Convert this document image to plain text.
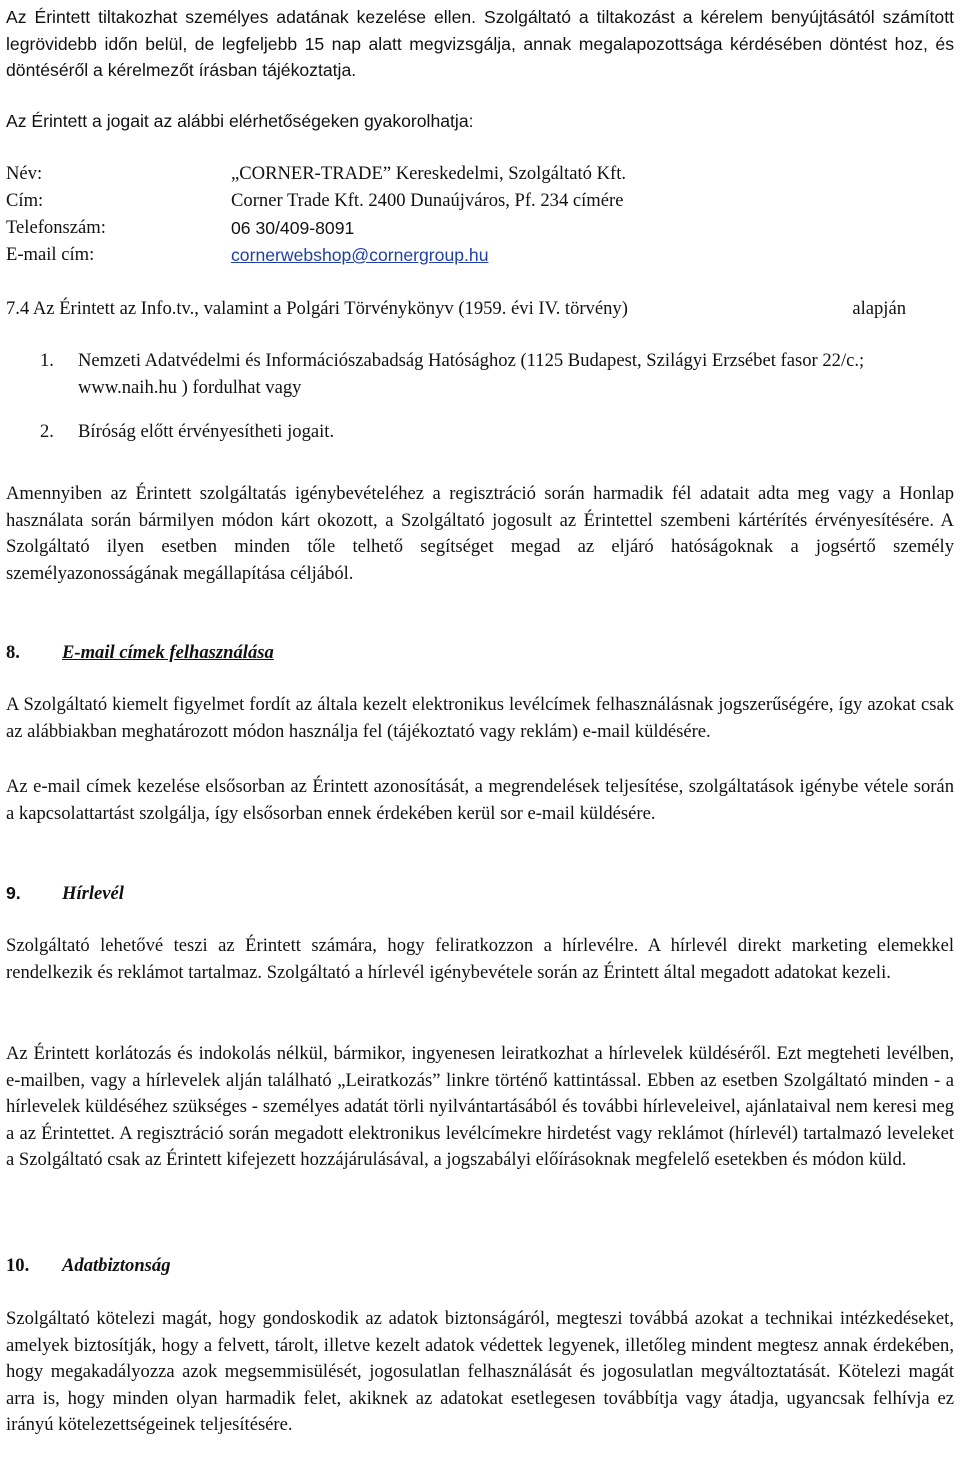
Az Érintett tiltakozhat személyes adatának kezelése ellen. Szolgáltató a tiltakozást a kérelem benyújtásától számított legrövidebb időn belül, de legfeljebb 15 nap alatt megvizsgálja, annak megalapozottsága kérdésében döntést hoz, és döntéséről a kérelmezőt írásban tájékoztatja.

Az Érintett a jogait az alábbi elérhetőségeken gyakorolhatja:

Név:	„CORNER-TRADE” Kereskedelmi, Szolgáltató Kft.
Cím:	Corner Trade Kft. 2400 Dunaújváros, Pf. 234 címére
Telefonszám:	06 30/409-8091
E-mail cím:	cornerwebshop@cornergroup.hu
7.4 Az Érintett az Info.tv., valamint a Polgári Törvénykönyv (1959. évi IV. törvény)	alapján
1. Nemzeti Adatvédelmi és Információszabadság Hatósághoz (1125 Budapest, Szilágyi Erzsébet fasor 22/c.; www.naih.hu ) fordulhat vagy
2. Bíróság előtt érvényesítheti jogait.

Amennyiben az Érintett szolgáltatás igénybevételéhez a regisztráció során harmadik fél adatait adta meg vagy a Honlap használata során bármilyen módon kárt okozott, a Szolgáltató jogosult az Érintettel szembeni kártérítés érvényesítésére. A Szolgáltató ilyen esetben minden tőle telhető segítséget megad az eljáró hatóságoknak a jogsértő személy személyazonosságának megállapítása céljából.

8. E-mail címek felhasználása

A Szolgáltató kiemelt figyelmet fordít az általa kezelt elektronikus levélcímek felhasználásnak jogszerűségére, így azokat csak az alábbiakban meghatározott módon használja fel (tájékoztató vagy reklám) e-mail küldésére.

Az e-mail címek kezelése elsősorban az Érintett azonosítását, a megrendelések teljesítése, szolgáltatások igénybe vétele során a kapcsolattartást szolgálja, így elsősorban ennek érdekében kerül sor e-mail küldésére.

9. Hírlevél

Szolgáltató lehetővé teszi az Érintett számára, hogy feliratkozzon a hírlevélre. A hírlevél direkt marketing elemekkel rendelkezik és reklámot tartalmaz. Szolgáltató a hírlevél igénybevétele során az Érintett által megadott adatokat kezeli.

Az Érintett korlátozás és indokolás nélkül, bármikor, ingyenesen leiratkozhat a hírlevelek küldéséről. Ezt megteheti levélben, e-mailben, vagy a hírlevelek alján található „Leiratkozás” linkre történő kattintással. Ebben az esetben Szolgáltató minden - a hírlevelek küldéséhez szükséges - személyes adatát törli nyilvántartásából és további hírleveleivel, ajánlataival nem keresi meg a az Érintettet. A regisztráció során megadott elektronikus levélcímekre hirdetést vagy reklámot (hírlevél) tartalmazó leveleket a Szolgáltató csak az Érintett kifejezett hozzájárulásával, a jogszabályi előírásoknak megfelelő esetekben és módon küld.

10. Adatbiztonság

Szolgáltató kötelezi magát, hogy gondoskodik az adatok biztonságáról, megteszi továbbá azokat a technikai intézkedéseket, amelyek biztosítják, hogy a felvett, tárolt, illetve kezelt adatok védettek legyenek, illetőleg mindent megtesz annak érdekében, hogy megakadályozza azok megsemmisülését, jogosulatlan felhasználását és jogosulatlan megváltoztatását. Kötelezi magát arra is, hogy minden olyan harmadik felet, akiknek az adatokat esetlegesen továbbítja vagy átadja, ugyancsak felhívja ez irányú kötelezettségeinek teljesítésére.
